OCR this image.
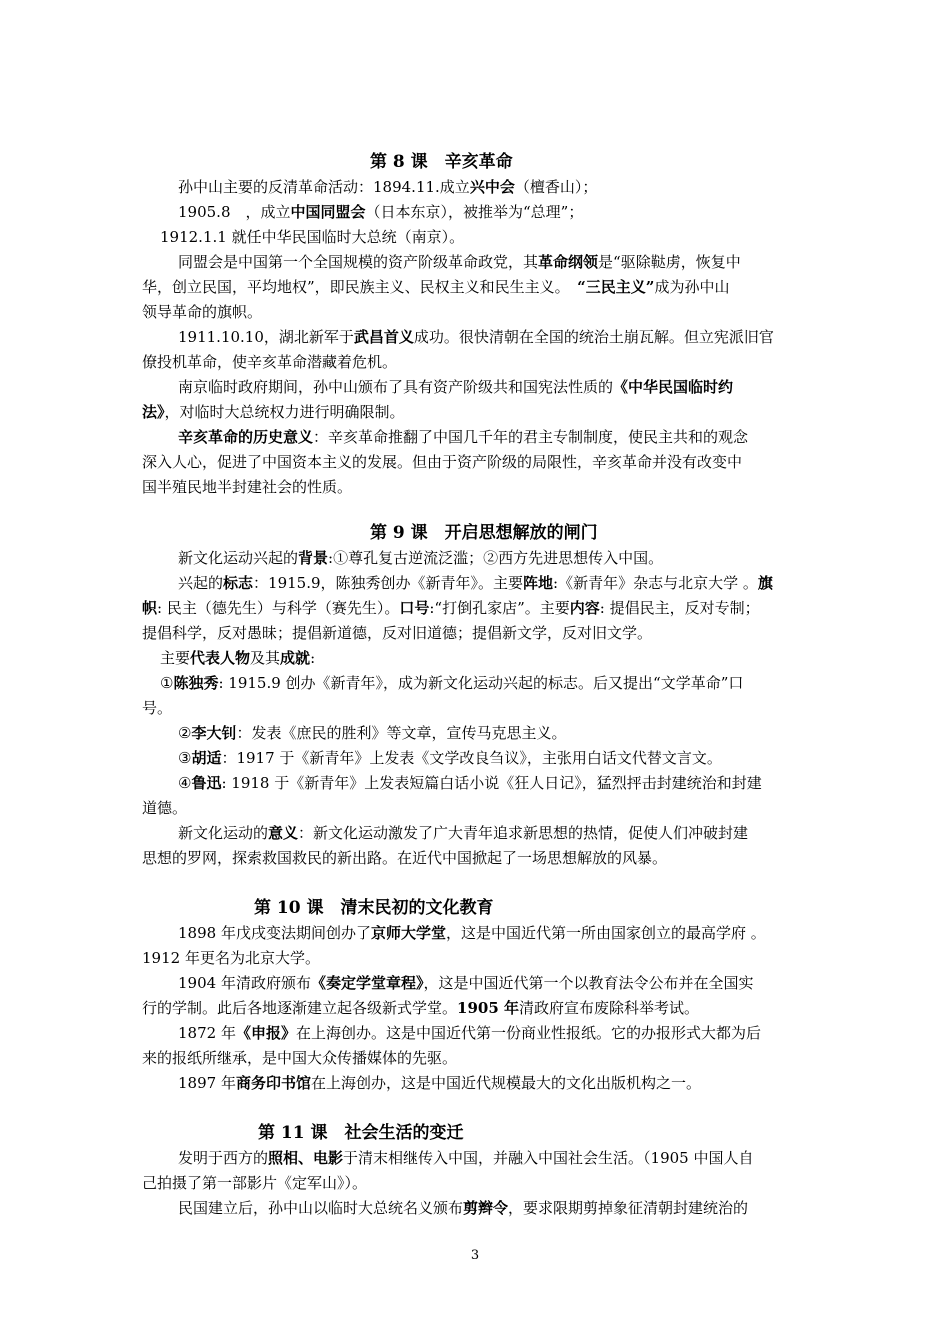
第 8 课　辛亥革命
孙中山主要的反清革命活动：1894.11.成立兴中会（檀香山）；
1905.8　，成立中国同盟会（日本东京），被推举为“总理”；
1912.1.1 就任中华民国临时大总统（南京）。
同盟会是中国第一个全国规模的资产阶级革命政党，其革命纲领是“驱除鞑虏，恢复中
华，创立民国，平均地权”，即民族主义、民权主义和民生主义。　“三民主义”成为孙中山
领导革命的旗帜。
1911.10.10，湖北新军于武昌首义成功。很快清朝在全国的统治土崩瓦解。但立宪派旧官
僚投机革命，使辛亥革命潜藏着危机。
南京临时政府期间，孙中山颁布了具有资产阶级共和国宪法性质的《中华民国临时约
法》，对临时大总统权力进行明确限制。
辛亥革命的历史意义：辛亥革命推翻了中国几千年的君主专制制度，使民主共和的观念
深入人心，促进了中国资本主义的发展。但由于资产阶级的局限性，辛亥革命并没有改变中
国半殖民地半封建社会的性质。
第 9 课　开启思想解放的闸门
新文化运动兴起的背景:①尊孔复古逆流泛滥；②西方先进思想传入中国。
兴起的标志：1915.9，陈独秀创办《新青年》。主要阵地:《新青年》杂志与北京大学 。旗
帜: 民主（德先生）与科学（赛先生）。口号:“打倒孔家店”。主要内容: 提倡民主，反对专制；
提倡科学，反对愚昧；提倡新道德，反对旧道德；提倡新文学，反对旧文学。
主要代表人物及其成就:
①陈独秀: 1915.9 创办《新青年》，成为新文化运动兴起的标志。后又提出“文学革命”口
号。
②李大钊：发表《庶民的胜利》等文章，宣传马克思主义。
③胡适：1917 于《新青年》上发表《文学改良刍议》，主张用白话文代替文言文。
④鲁迅: 1918 于《新青年》上发表短篇白话小说《狂人日记》，猛烈抨击封建统治和封建
道德。
新文化运动的意义：新文化运动激发了广大青年追求新思想的热情，促使人们冲破封建
思想的罗网，探索救国救民的新出路。在近代中国掀起了一场思想解放的风暴。
第 10 课　清末民初的文化教育
1898 年戊戌变法期间创办了京师大学堂，这是中国近代第一所由国家创立的最高学府 。
1912 年更名为北京大学。
1904 年清政府颁布《奏定学堂章程》，这是中国近代第一个以教育法令公布并在全国实
行的学制。此后各地逐渐建立起各级新式学堂。1905 年清政府宣布废除科举考试。
1872 年《申报》在上海创办。这是中国近代第一份商业性报纸。它的办报形式大都为后
来的报纸所继承，是中国大众传播媒体的先驱。
1897 年商务印书馆在上海创办，这是中国近代规模最大的文化出版机构之一。
第 11 课　社会生活的变迁
发明于西方的照相、电影于清末相继传入中国，并融入中国社会生活。（1905 中国人自
己拍摄了第一部影片《定军山》）。
民国建立后，孙中山以临时大总统名义颁布剪辫令，要求限期剪掉象征清朝封建统治的
3
